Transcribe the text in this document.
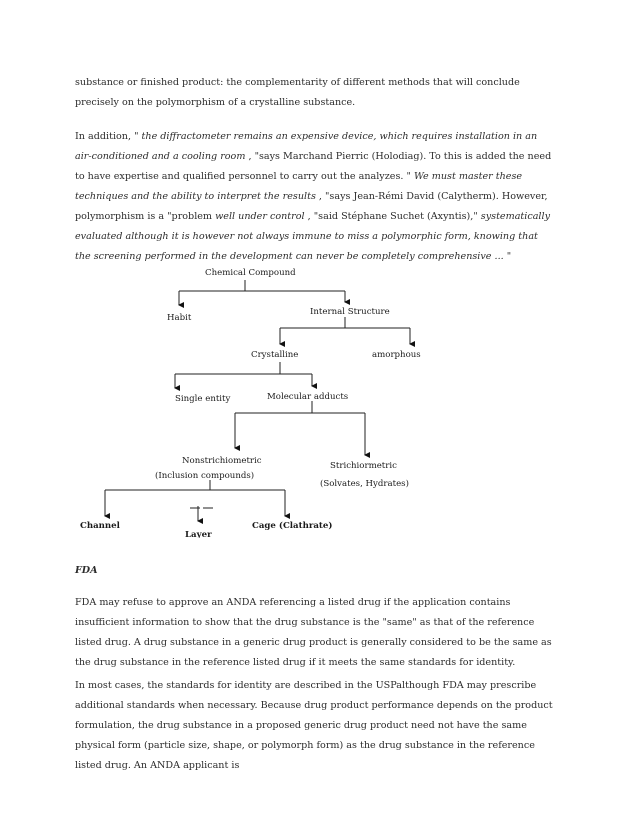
substance or finished product: the complementarity of different methods that will conclude precisely on the polymorphism of a crystalline substance.

In addition, " the diffractometer remains an expensive device, which requires installation in an air-conditioned and a cooling room , "says Marchand Pierric (Holodiag). To this is added the need to have expertise and qualified personnel to carry out the analyzes. " We must master these techniques and the ability to interpret the results , "says Jean-Rémi David (Calytherm). However, polymorphism is a "problem well under control , "said Stéphane Suchet (Axyntis)," systematically evaluated although it is however not always immune to miss a polymorphic form, knowing that the screening performed in the development can never be completely comprehensive ... "

Chemical Compound
Habit
Internal Structure
Crystalline	amorphous
Single entity	Molecular adducts
Nonstrichiometric
(Inclusion compounds)
Strichiormetric
(Solvates, Hydrates)
Channel
Layer
Cage (Clathrate)

FDA

FDA may refuse to approve an ANDA referencing a listed drug if the application contains insufficient information to show that the drug substance is the "same" as that of the reference listed drug. A drug substance in a generic drug product is generally considered to be the same as the drug substance in the reference listed drug if it meets the same standards for identity.

In most cases, the standards for identity are described in the USPalthough FDA may prescribe additional standards when necessary. Because drug product performance depends on the product formulation, the drug substance in a proposed generic drug product need not have the same physical form (particle size, shape, or polymorph form) as the drug substance in the reference listed drug. An ANDA applicant is
